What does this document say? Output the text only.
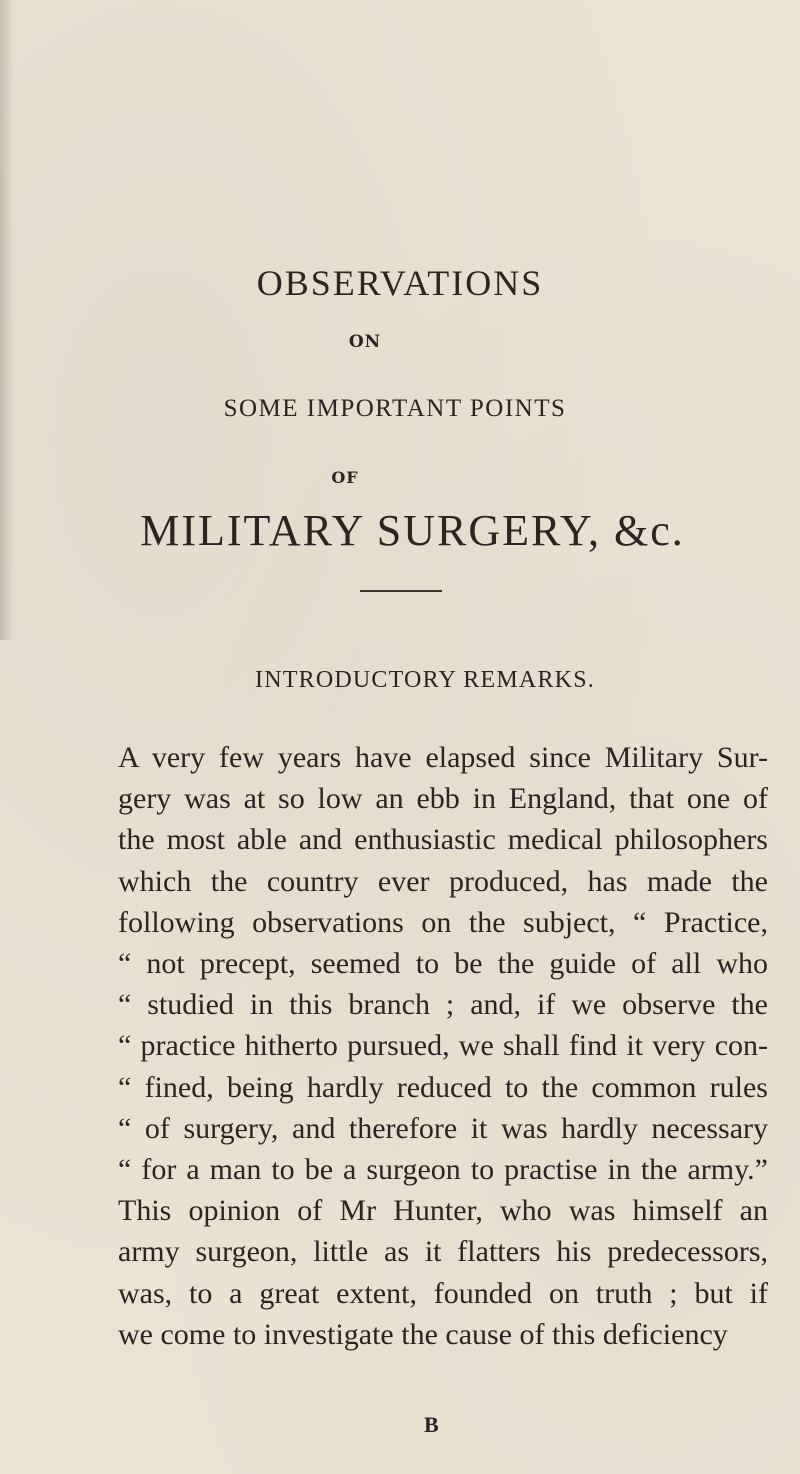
OBSERVATIONS
ON
SOME IMPORTANT POINTS
OF
MILITARY SURGERY, &c.
INTRODUCTORY REMARKS.
A very few years have elapsed since Military Sur-
gery was at so low an ebb in England, that one of
the most able and enthusiastic medical philosophers
which the country ever produced, has made the
following observations on the subject, “ Practice,
“ not precept, seemed to be the guide of all who
“ studied in this branch ; and, if we observe the
“ practice hitherto pursued, we shall find it very con-
“ fined, being hardly reduced to the common rules
“ of surgery, and therefore it was hardly necessary
“ for a man to be a surgeon to practise in the army.”
This opinion of Mr Hunter, who was himself an
army surgeon, little as it flatters his predecessors,
was, to a great extent, founded on truth ; but if
we come to investigate the cause of this deficiency
B
